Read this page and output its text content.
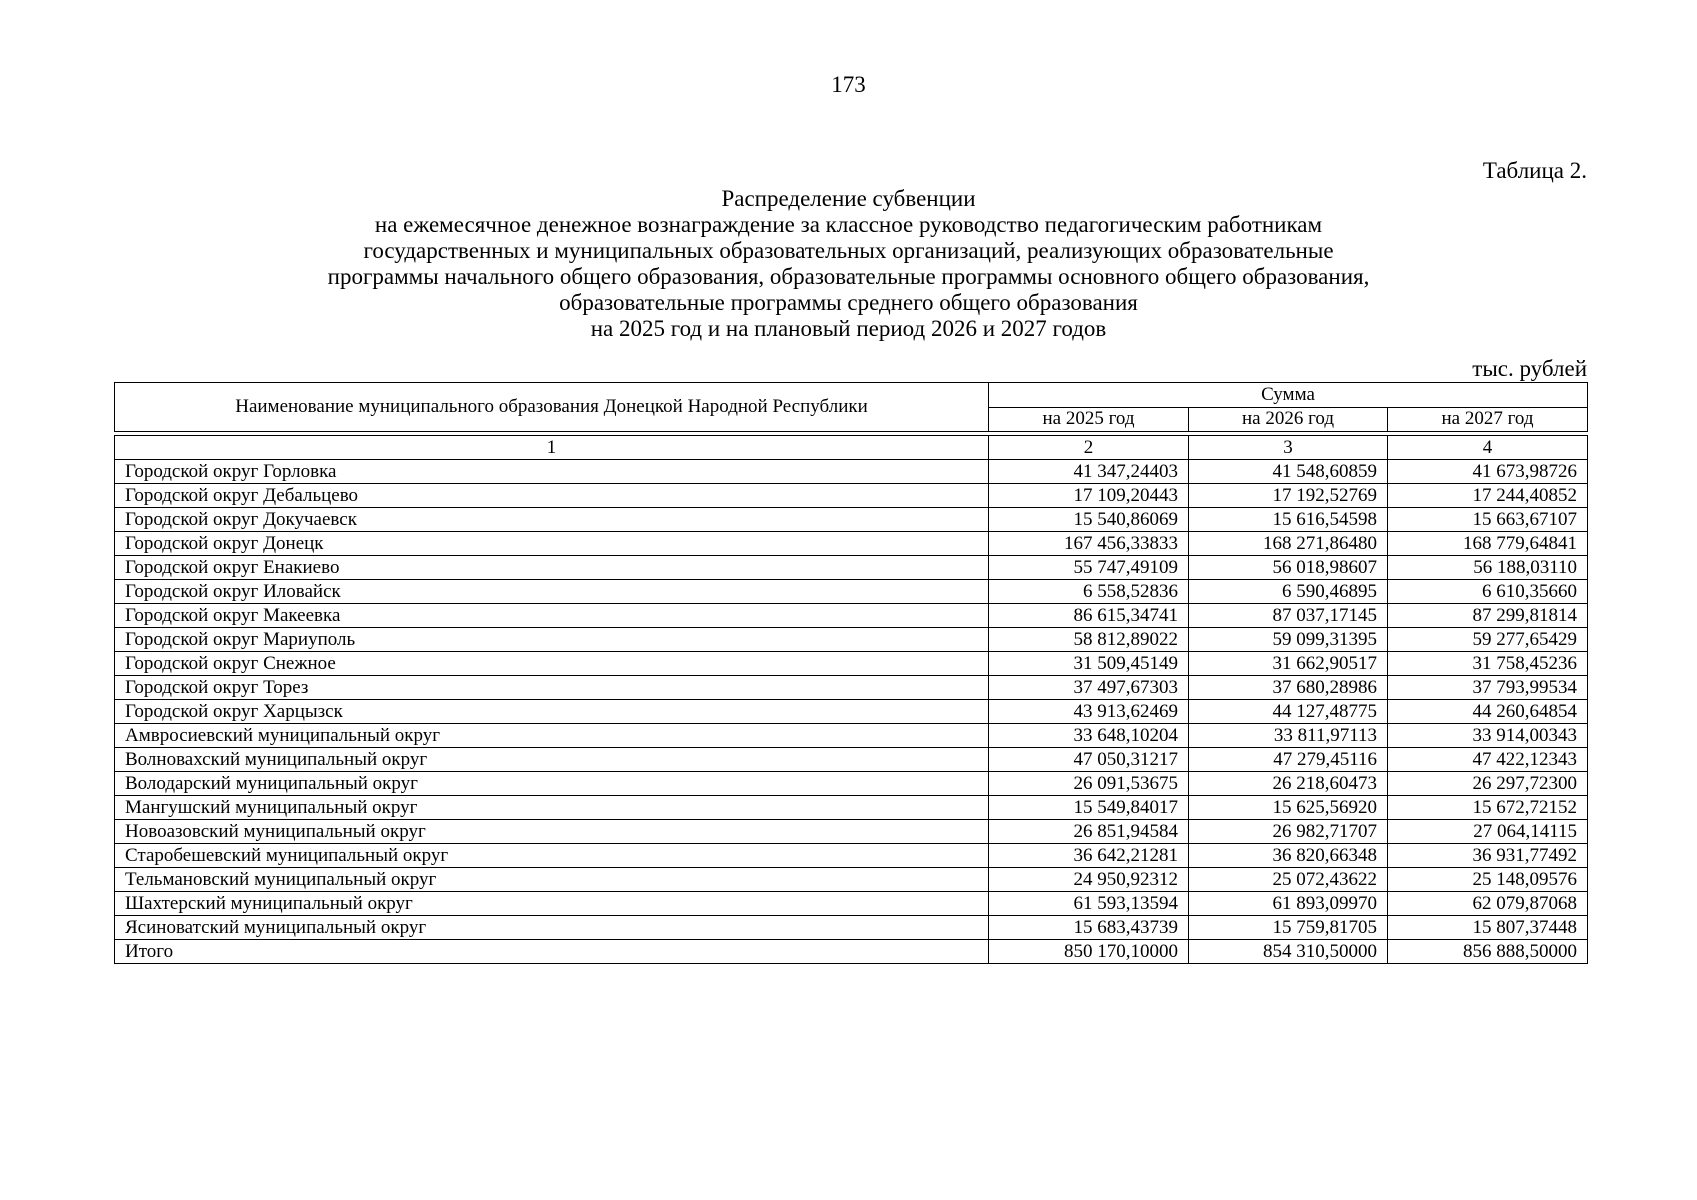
173
Таблица 2.
Распределение субвенции
на ежемесячное денежное вознаграждение за классное руководство педагогическим работникам
государственных и муниципальных образовательных организаций, реализующих образовательные
программы начального общего образования, образовательные программы основного общего образования,
образовательные программы среднего общего образования
на 2025 год и на плановый период 2026 и 2027 годов
тыс. рублей
Наименование муниципального образования Донецкой Народной Республики	Сумма		
	на 2025 год	на 2026 год	на 2027 год

1	2	3	4
Городской округ Горловка	41 347,24403	41 548,60859	41 673,98726
Городской округ Дебальцево	17 109,20443	17 192,52769	17 244,40852
Городской округ Докучаевск	15 540,86069	15 616,54598	15 663,67107
Городской округ Донецк	167 456,33833	168 271,86480	168 779,64841
Городской округ Енакиево	55 747,49109	56 018,98607	56 188,03110
Городской округ Иловайск	6 558,52836	6 590,46895	6 610,35660
Городской округ Макеевка	86 615,34741	87 037,17145	87 299,81814
Городской округ Мариуполь	58 812,89022	59 099,31395	59 277,65429
Городской округ Снежное	31 509,45149	31 662,90517	31 758,45236
Городской округ Торез	37 497,67303	37 680,28986	37 793,99534
Городской округ Харцызск	43 913,62469	44 127,48775	44 260,64854
Амвросиевский муниципальный округ	33 648,10204	33 811,97113	33 914,00343
Волновахский муниципальный округ	47 050,31217	47 279,45116	47 422,12343
Володарский муниципальный округ	26 091,53675	26 218,60473	26 297,72300
Мангушский муниципальный округ	15 549,84017	15 625,56920	15 672,72152
Новоазовский муниципальный округ	26 851,94584	26 982,71707	27 064,14115
Старобешевский муниципальный округ	36 642,21281	36 820,66348	36 931,77492
Тельмановский муниципальный округ	24 950,92312	25 072,43622	25 148,09576
Шахтерский муниципальный округ	61 593,13594	61 893,09970	62 079,87068
Ясиноватский муниципальный округ	15 683,43739	15 759,81705	15 807,37448
Итого	850 170,10000	854 310,50000	856 888,50000
